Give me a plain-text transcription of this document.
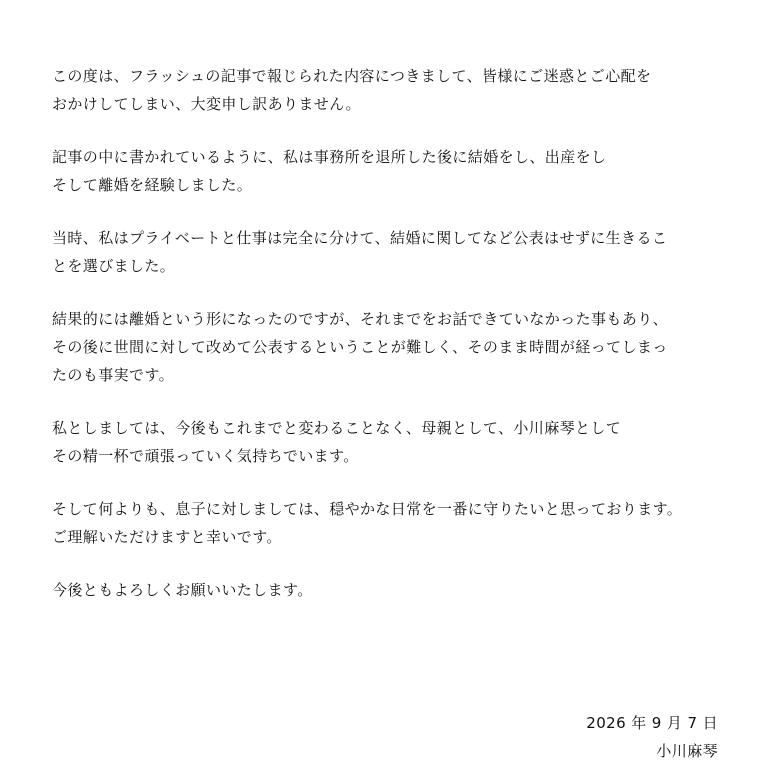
この度は、フラッシュの記事で報じられた内容につきまして、皆様にご迷惑とご心配を
おかけしてしまい、大変申し訳ありません。

記事の中に書かれているように、私は事務所を退所した後に結婚をし、出産をし
そして離婚を経験しました。

当時、私はプライベートと仕事は完全に分けて、結婚に関してなど公表はせずに生きるこ
とを選びました。

結果的には離婚という形になったのですが、それまでをお話できていなかった事もあり、
その後に世間に対して改めて公表するということが難しく、そのまま時間が経ってしまっ
たのも事実です。

私としましては、今後もこれまでと変わることなく、母親として、小川麻琴として
その精一杯で頑張っていく気持ちでいます。

そして何よりも、息子に対しましては、穏やかな日常を一番に守りたいと思っております。
ご理解いただけますと幸いです。

今後ともよろしくお願いいたします。

2026 年 9 月 7 日
小川麻琴
